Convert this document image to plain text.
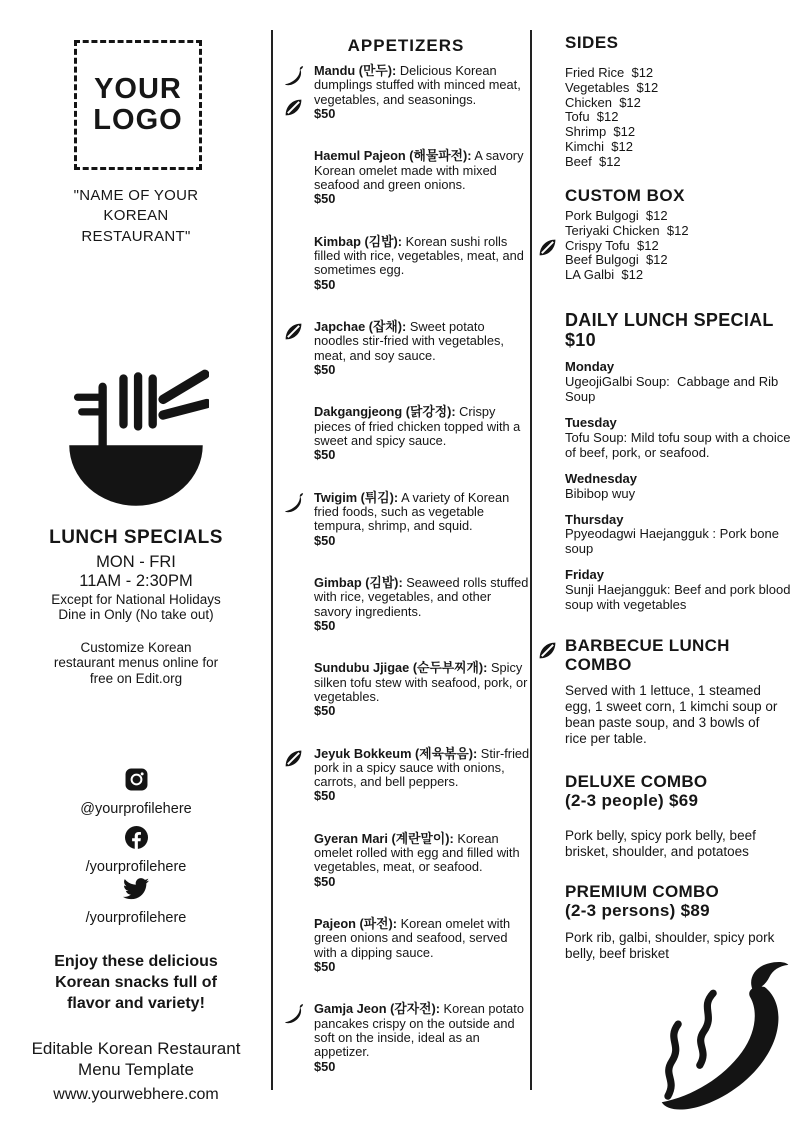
YOUR
LOGO
"NAME OF YOUR
KOREAN
RESTAURANT"
LUNCH SPECIALS
MON - FRI
11AM - 2:30PM
Except for National Holidays
Dine in Only (No take out)
Customize Korean
restaurant menus online for
free on Edit.org
@yourprofilehere
/yourprofilehere
/yourprofilehere
Enjoy these delicious
Korean snacks full of
flavor and variety!
Editable Korean Restaurant
Menu Template
www.yourwebhere.com
APPETIZERS

Mandu (만두): Delicious Korean dumplings stuffed with minced meat, vegetables, and seasonings.

$50

Haemul Pajeon (해물파전): A savory Korean omelet made with mixed seafood and green onions.

$50

Kimbap (김밥): Korean sushi rolls filled with rice, vegetables, meat, and sometimes egg.

$50

Japchae (잡채): Sweet potato noodles stir-fried with vegetables, meat, and soy sauce.

$50

Dakgangjeong (닭강정): Crispy pieces of fried chicken topped with a sweet and spicy sauce.

$50

Twigim (튀김): A variety of Korean fried foods, such as vegetable tempura, shrimp, and squid.

$50

Gimbap (김밥): Seaweed rolls stuffed with rice, vegetables, and other savory ingredients.

$50

Sundubu Jjigae (순두부찌개): Spicy silken tofu stew with seafood, pork, or vegetables.

$50

Jeyuk Bokkeum (제육볶음): Stir-fried pork in a spicy sauce with onions, carrots, and bell peppers.

$50

Gyeran Mari (계란말이): Korean omelet rolled with egg and filled with vegetables, meat, or seafood.

$50

Pajeon (파전): Korean omelet with green onions and seafood, served with a dipping sauce.

$50

Gamja Jeon (감자전): Korean potato pancakes crispy on the outside and soft on the inside, ideal as an appetizer.

$50
SIDES
Fried Rice  $12
Vegetables  $12
Chicken  $12
Tofu  $12
Shrimp  $12
Kimchi  $12
Beef  $12
CUSTOM BOX
Pork Bulgogi  $12
Teriyaki Chicken  $12
Crispy Tofu  $12
Beef Bulgogi  $12
LA Galbi  $12
DAILY LUNCH SPECIAL
$10
Monday
UgeojiGalbi Soup:  Cabbage and Rib Soup
Tuesday
Tofu Soup: Mild tofu soup with a choice of beef, pork, or seafood.
Wednesday
Bibibop wuy
Thursday
Ppyeodagwi Haejangguk : Pork bone soup
Friday
Sunji Haejangguk: Beef and pork blood soup with vegetables
BARBECUE LUNCH COMBO
Served with 1 lettuce, 1 steamed egg, 1 sweet corn, 1 kimchi soup or bean paste soup, and 3 bowls of rice per table.
DELUXE COMBO
(2-3 people) $69
Pork belly, spicy pork belly, beef brisket, shoulder, and potatoes
PREMIUM COMBO
(2-3 persons) $89
Pork rib, galbi, shoulder, spicy pork belly, beef brisket
